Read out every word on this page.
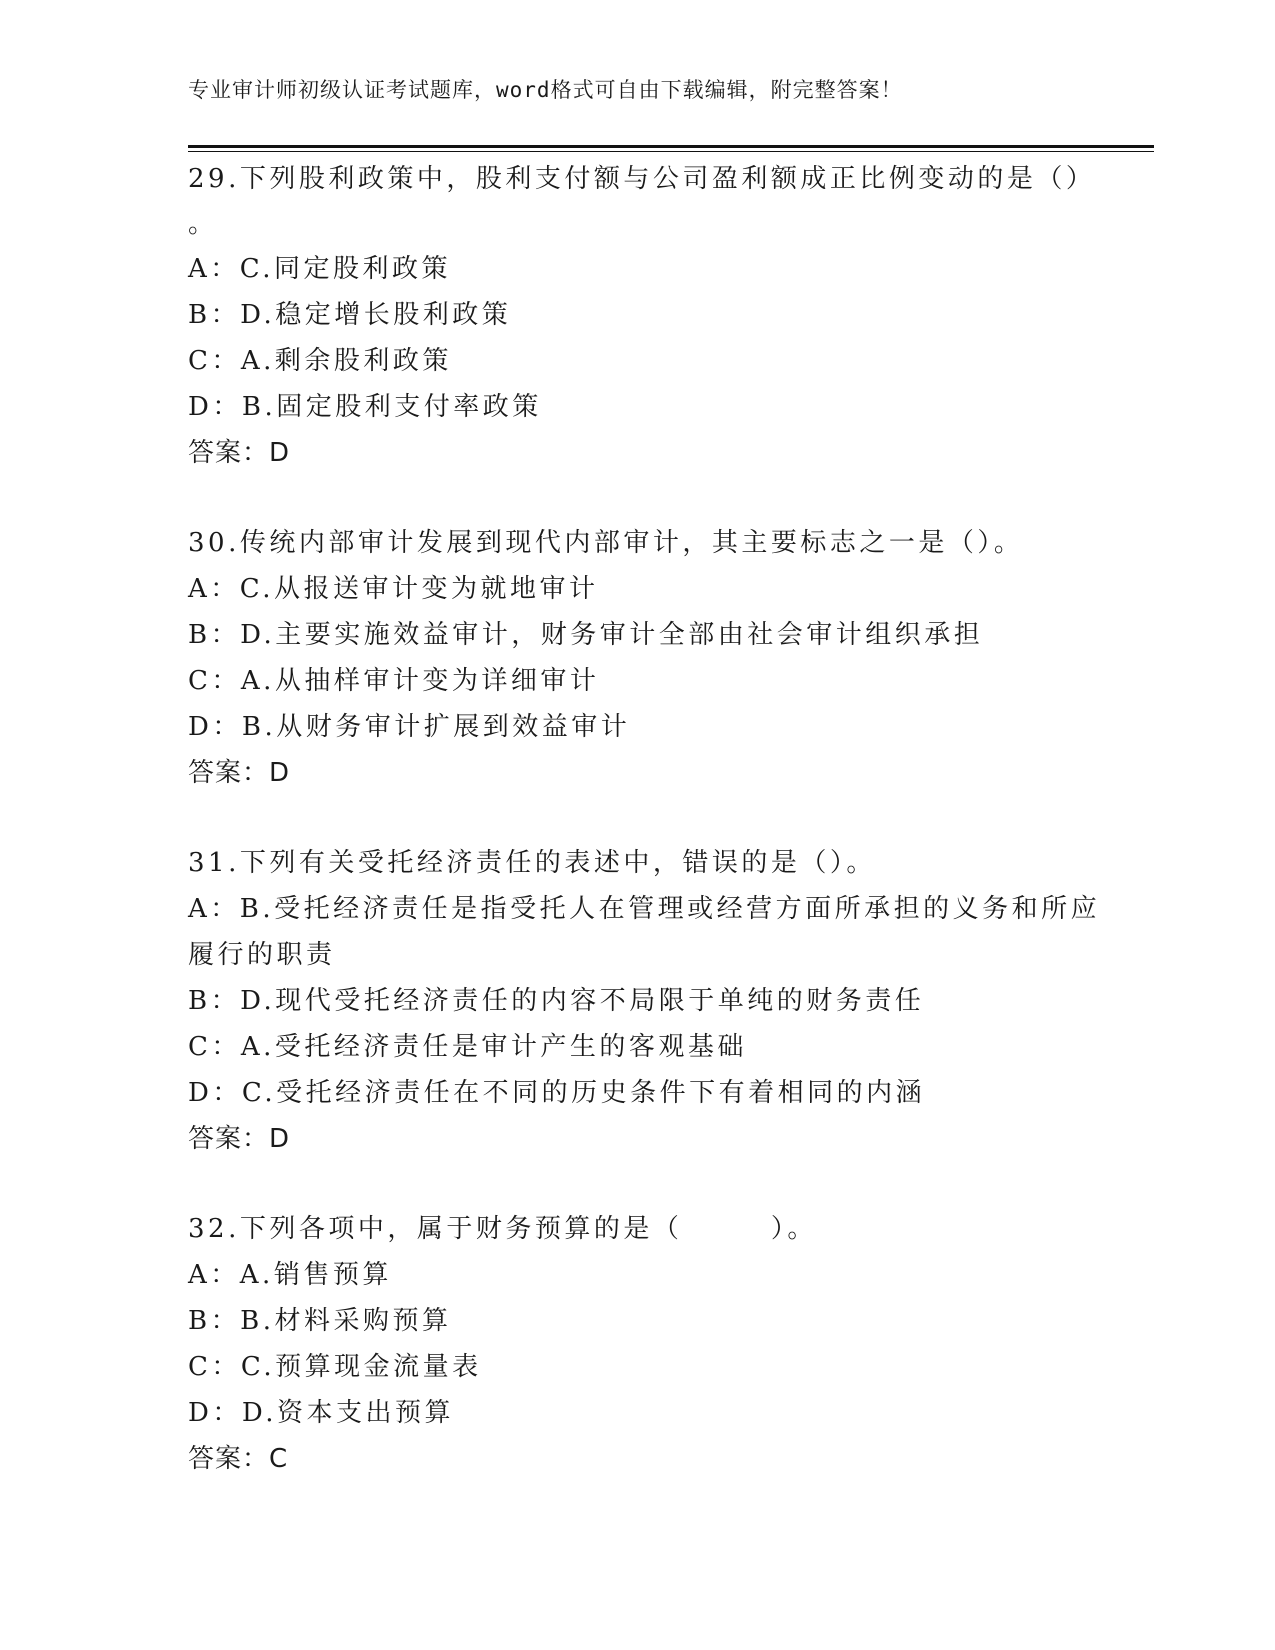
专业审计师初级认证考试题库，word格式可自由下载编辑，附完整答案！
29.下列股利政策中，股利支付额与公司盈利额成正比例变动的是（）
。
A：C.同定股利政策
B：D.稳定增长股利政策
C：A.剩余股利政策
D：B.固定股利支付率政策
答案：D
30.传统内部审计发展到现代内部审计，其主要标志之一是（）。
A：C.从报送审计变为就地审计
B：D.主要实施效益审计，财务审计全部由社会审计组织承担
C：A.从抽样审计变为详细审计
D：B.从财务审计扩展到效益审计
答案：D
31.下列有关受托经济责任的表述中，错误的是（）。
A：B.受托经济责任是指受托人在管理或经营方面所承担的义务和所应
履行的职责
B：D.现代受托经济责任的内容不局限于单纯的财务责任
C：A.受托经济责任是审计产生的客观基础
D：C.受托经济责任在不同的历史条件下有着相同的内涵
答案：D
32.下列各项中，属于财务预算的是（　　　）。
A：A.销售预算
B：B.材料采购预算
C：C.预算现金流量表
D：D.资本支出预算
答案：C
